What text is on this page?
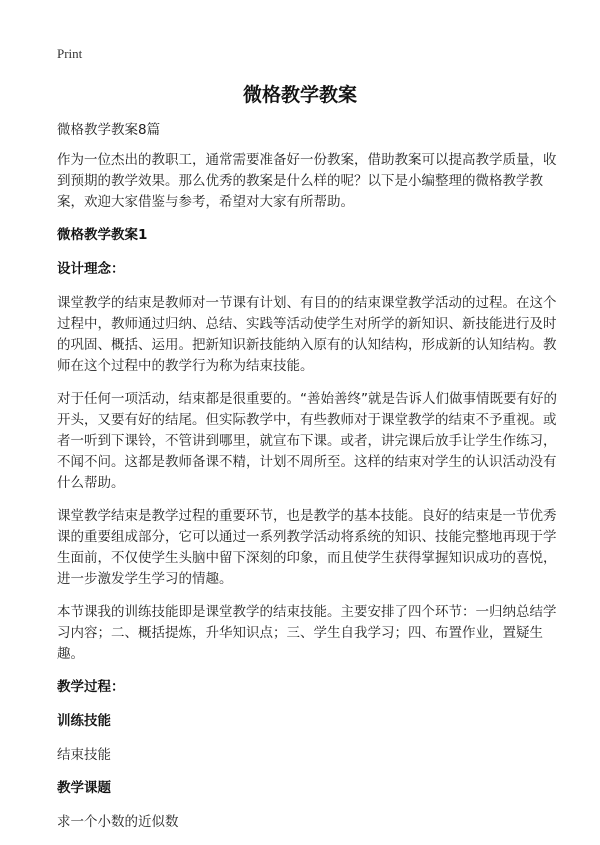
Print
微格教学教案

微格教学教案8篇

作为一位杰出的教职工，通常需要准备好一份教案，借助教案可以提高教学质量，收到预期的教学效果。那么优秀的教案是什么样的呢？以下是小编整理的微格教学教案，欢迎大家借鉴与参考，希望对大家有所帮助。

微格教学教案1

设计理念：

课堂教学的结束是教师对一节课有计划、有目的的结束课堂教学活动的过程。在这个过程中，教师通过归纳、总结、实践等活动使学生对所学的新知识、新技能进行及时的巩固、概括、运用。把新知识新技能纳入原有的认知结构，形成新的认知结构。教师在这个过程中的教学行为称为结束技能。

对于任何一项活动，结束都是很重要的。“善始善终”就是告诉人们做事情既要有好的开头，又要有好的结尾。但实际教学中，有些教师对于课堂教学的结束不予重视。或者一听到下课铃，不管讲到哪里，就宣布下课。或者，讲完课后放手让学生作练习，不闻不问。这都是教师备课不精，计划不周所至。这样的结束对学生的认识活动没有什么帮助。

课堂教学结束是教学过程的重要环节，也是教学的基本技能。良好的结束是一节优秀课的重要组成部分，它可以通过一系列教学活动将系统的知识、技能完整地再现于学生面前，不仅使学生头脑中留下深刻的印象，而且使学生获得掌握知识成功的喜悦，进一步激发学生学习的情趣。

本节课我的训练技能即是课堂教学的结束技能。主要安排了四个环节：一归纳总结学习内容；二、概括提炼，升华知识点；三、学生自我学习；四、布置作业，置疑生趣。

教学过程：

训练技能

结束技能

教学课题

求一个小数的近似数
